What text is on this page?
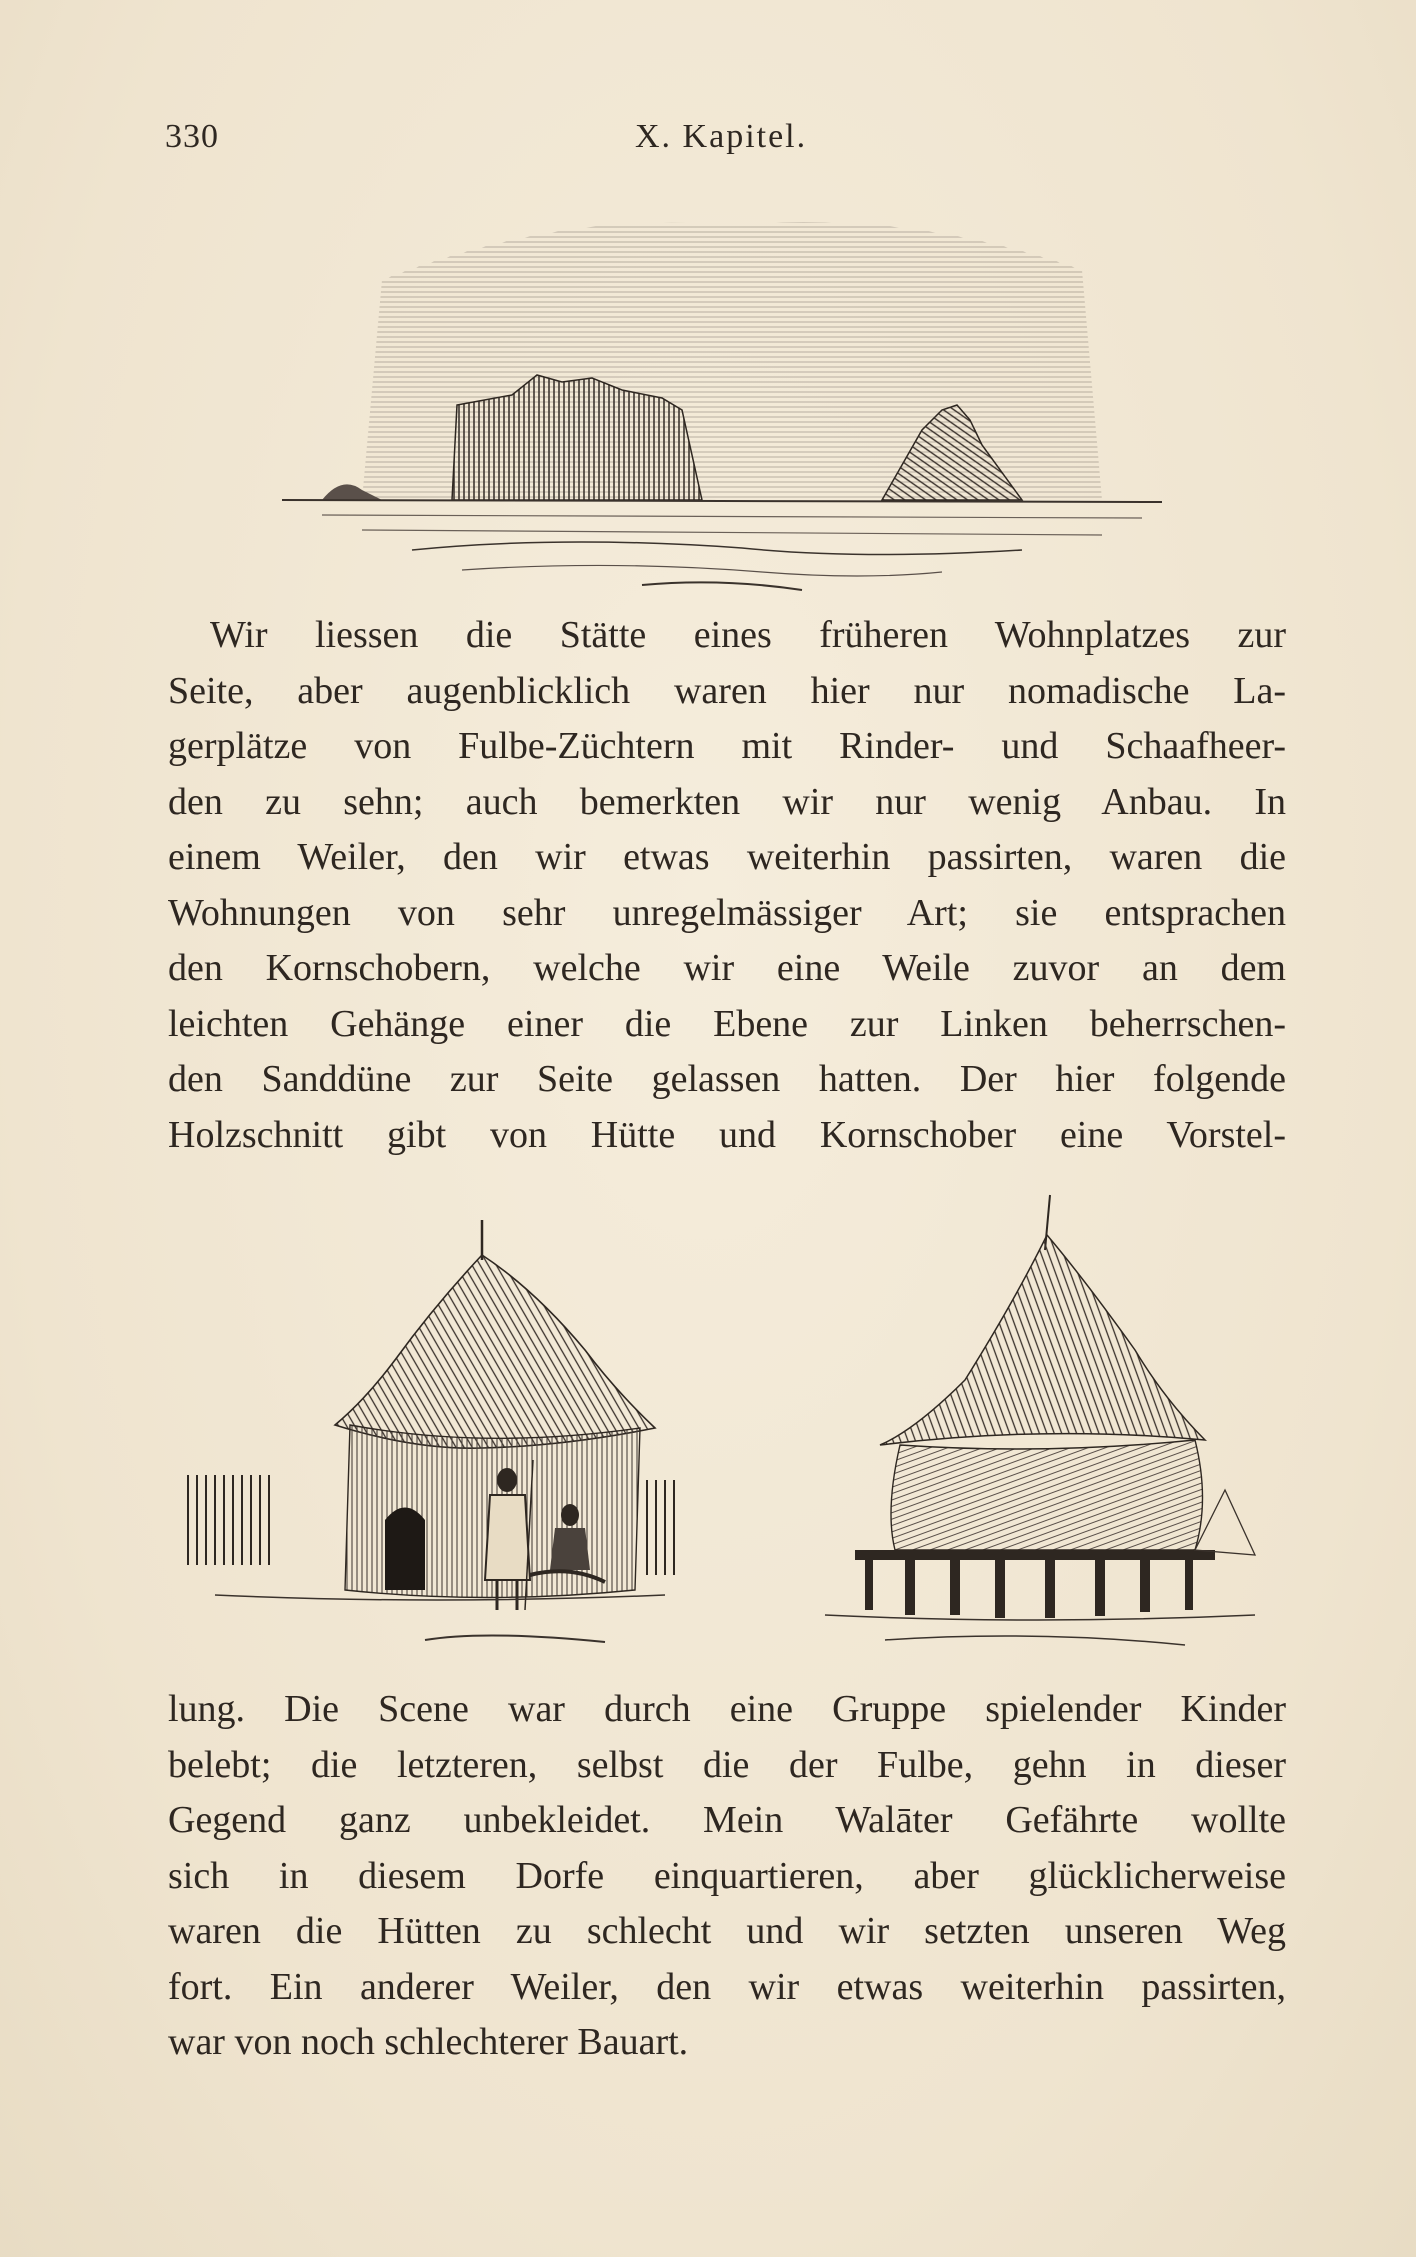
330	X. Kapitel.
Wir liessen die Stätte eines früheren Wohnplatzes zur
Seite, aber augenblicklich waren hier nur nomadische La-
gerplätze von Fulbe-Züchtern mit Rinder- und Schaafheer-
den zu sehn; auch bemerkten wir nur wenig Anbau. In
einem Weiler, den wir etwas weiterhin passirten, waren die
Wohnungen von sehr unregelmässiger Art; sie entsprachen
den Kornschobern, welche wir eine Weile zuvor an dem
leichten Gehänge einer die Ebene zur Linken beherrschen-
den Sanddüne zur Seite gelassen hatten. Der hier folgende
Holzschnitt gibt von Hütte und Kornschober eine Vorstel-
lung. Die Scene war durch eine Gruppe spielender Kinder
belebt; die letzteren, selbst die der Fulbe, gehn in dieser
Gegend ganz unbekleidet. Mein Walāter Gefährte wollte
sich in diesem Dorfe einquartieren, aber glücklicherweise
waren die Hütten zu schlecht und wir setzten unseren Weg
fort. Ein anderer Weiler, den wir etwas weiterhin passirten,
war von noch schlechterer Bauart.
